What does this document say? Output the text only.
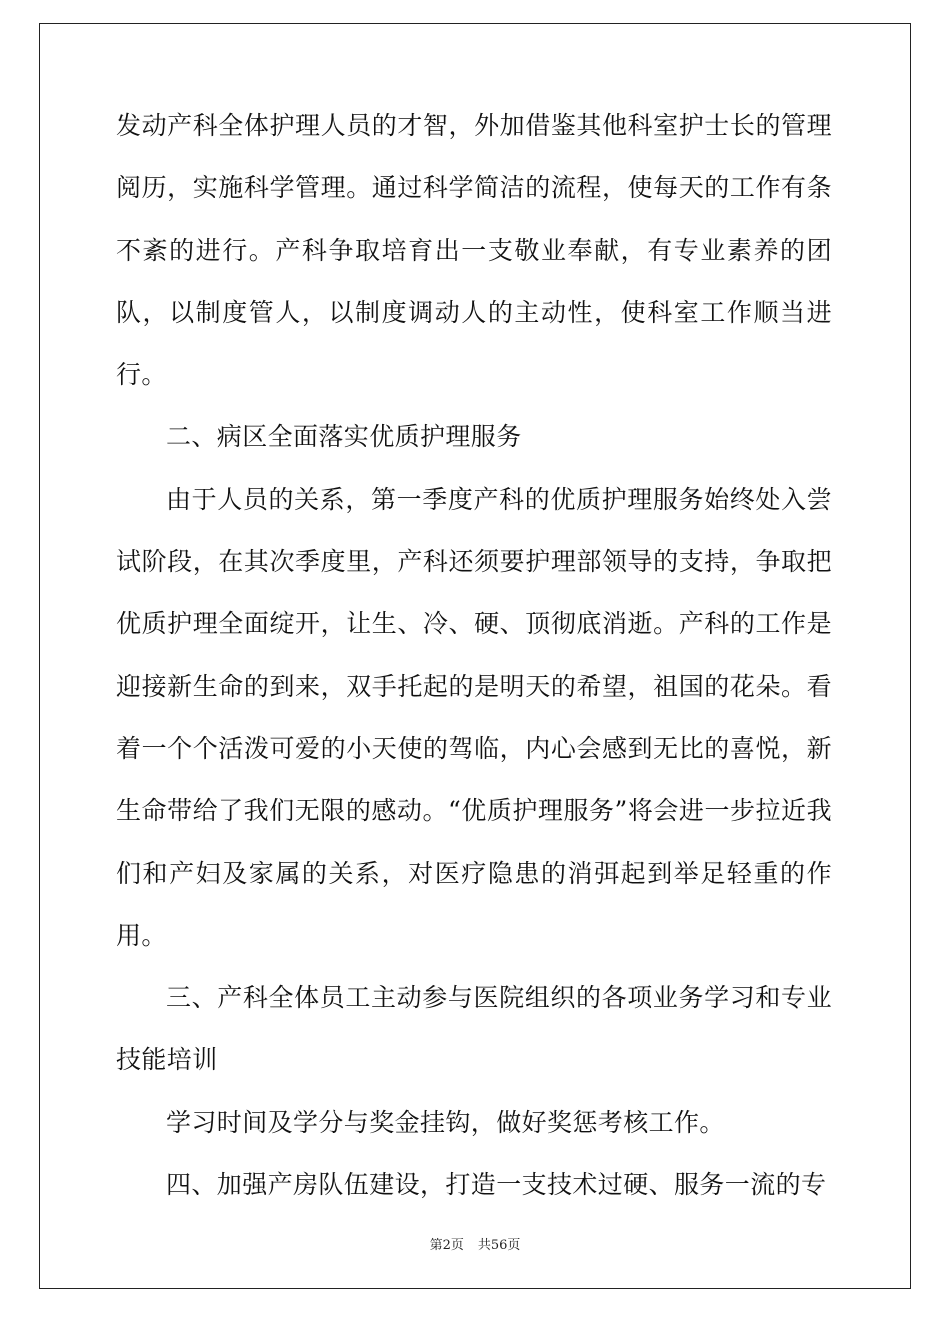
发动产科全体护理人员的才智，外加借鉴其他科室护士长的管理阅历，实施科学管理。通过科学简洁的流程，使每天的工作有条不紊的进行。产科争取培育出一支敬业奉献，有专业素养的团队，以制度管人，以制度调动人的主动性，使科室工作顺当进行。

二、病区全面落实优质护理服务

由于人员的关系，第一季度产科的优质护理服务始终处入尝试阶段，在其次季度里，产科还须要护理部领导的支持，争取把优质护理全面绽开，让生、冷、硬、顶彻底消逝。产科的工作是迎接新生命的到来，双手托起的是明天的希望，祖国的花朵。看着一个个活泼可爱的小天使的驾临，内心会感到无比的喜悦，新生命带给了我们无限的感动。“优质护理服务”将会进一步拉近我们和产妇及家属的关系，对医疗隐患的消弭起到举足轻重的作用。

三、产科全体员工主动参与医院组织的各项业务学习和专业技能培训

学习时间及学分与奖金挂钩，做好奖惩考核工作。

四、加强产房队伍建设，打造一支技术过硬、服务一流的专

第2页 共56页
